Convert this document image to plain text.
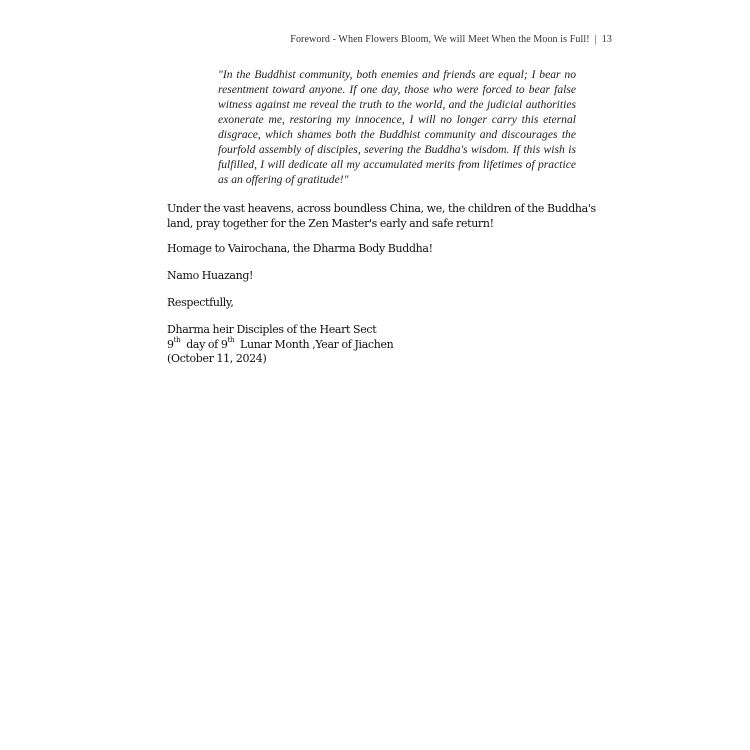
Foreword - When Flowers Bloom, We will Meet When the Moon is Full! | 13

"In the Buddhist community, both enemies and friends are equal; I bear no resentment toward anyone. If one day, those who were forced to bear false witness against me reveal the truth to the world, and the judicial authorities exonerate me, restoring my innocence, I will no longer carry this eternal disgrace, which shames both the Buddhist community and discourages the fourfold assembly of disciples, severing the Buddha's wisdom. If this wish is fulfilled, I will dedicate all my accumulated merits from lifetimes of practice as an offering of gratitude!"

Under the vast heavens, across boundless China, we, the children of the Buddha's land, pray together for the Zen Master's early and safe return!

Homage to Vairochana, the Dharma Body Buddha!

Namo Huazang!

Respectfully,

Dharma heir Disciples of the Heart Sect
9th day of 9th Lunar Month ,Year of Jiachen
(October 11, 2024)
